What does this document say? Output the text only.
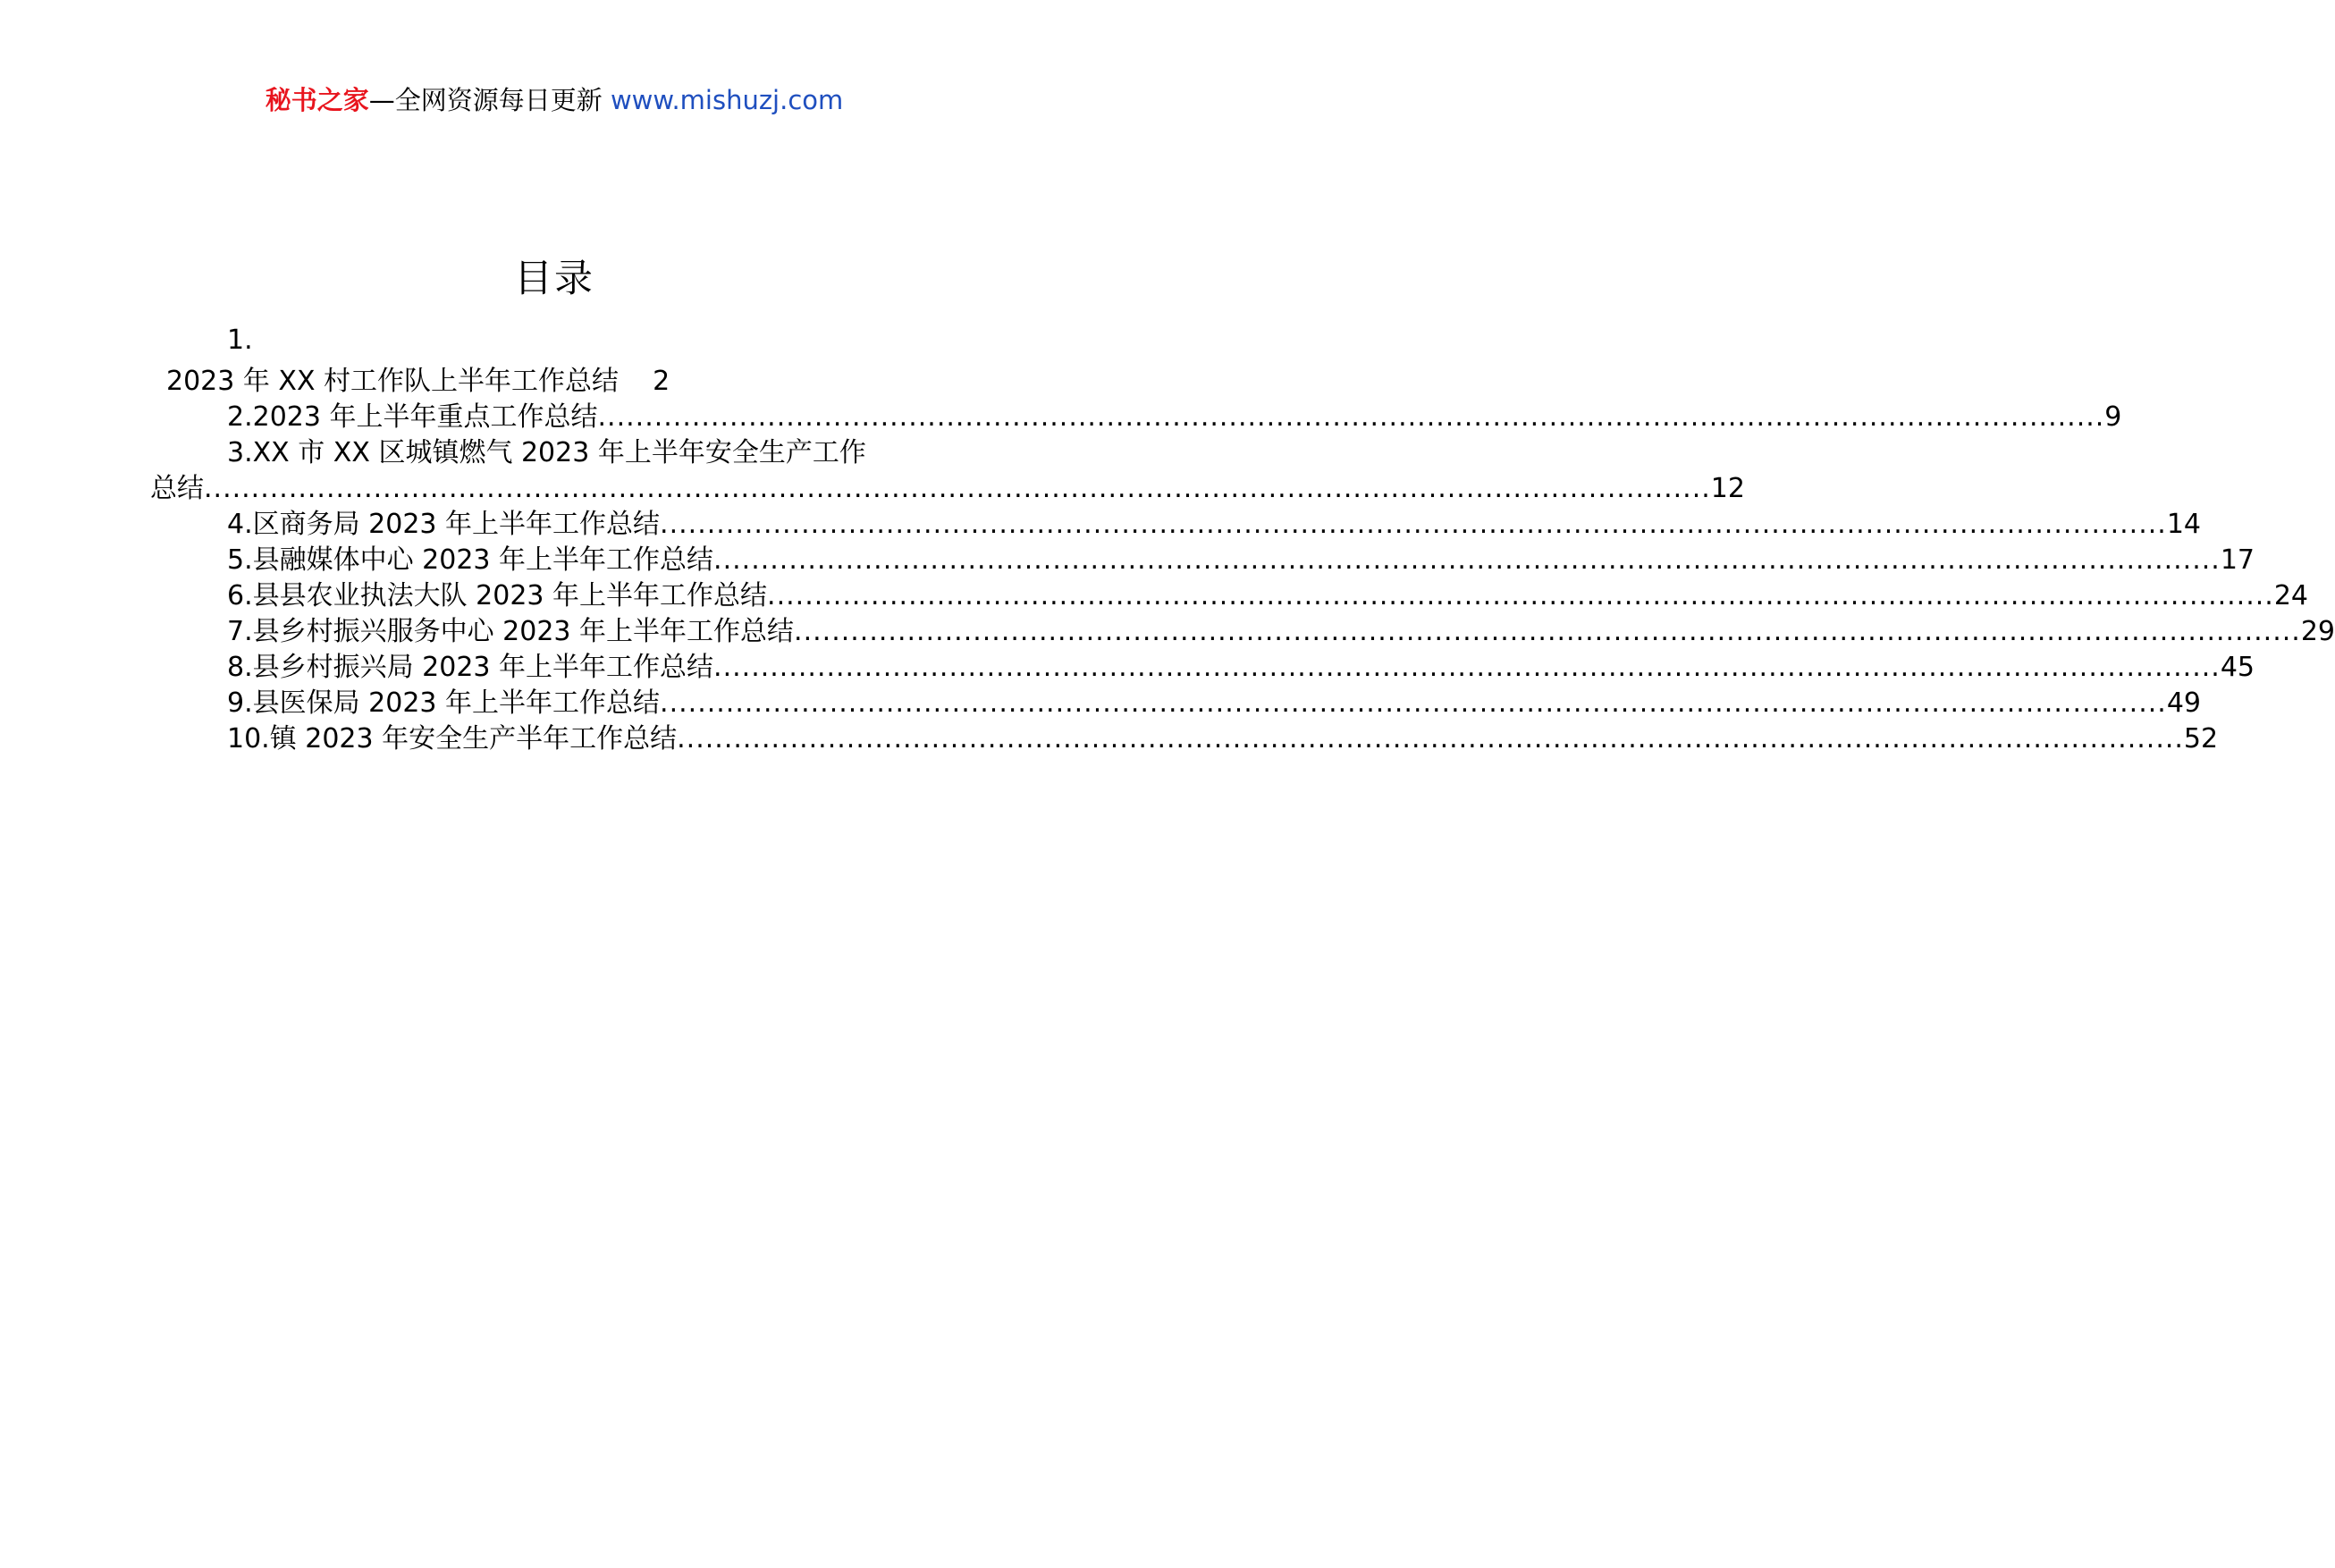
秘书之家—全网资源每日更新 www.mishuzj.com
目录
1.
2023 年 XX 村工作队上半年工作总结 2
2.2023 年上半年重点工作总结 ................................................................................................................................................................ 9
3.XX 市 XX 区城镇燃气 2023 年上半年安全生产工作
总结 ................................................................................................................................................................ 12
4.区商务局 2023 年上半年工作总结 ................................................................................................................................................................ 14
5.县融媒体中心 2023 年上半年工作总结 ................................................................................................................................................................ 17
6.县县农业执法大队 2023 年上半年工作总结 ................................................................................................................................................................ 24
7.县乡村振兴服务中心 2023 年上半年工作总结 ................................................................................................................................................................ 29
8.县乡村振兴局 2023 年上半年工作总结 ................................................................................................................................................................ 45
9.县医保局 2023 年上半年工作总结 ................................................................................................................................................................ 49
10.镇 2023 年安全生产半年工作总结 ................................................................................................................................................................ 52
